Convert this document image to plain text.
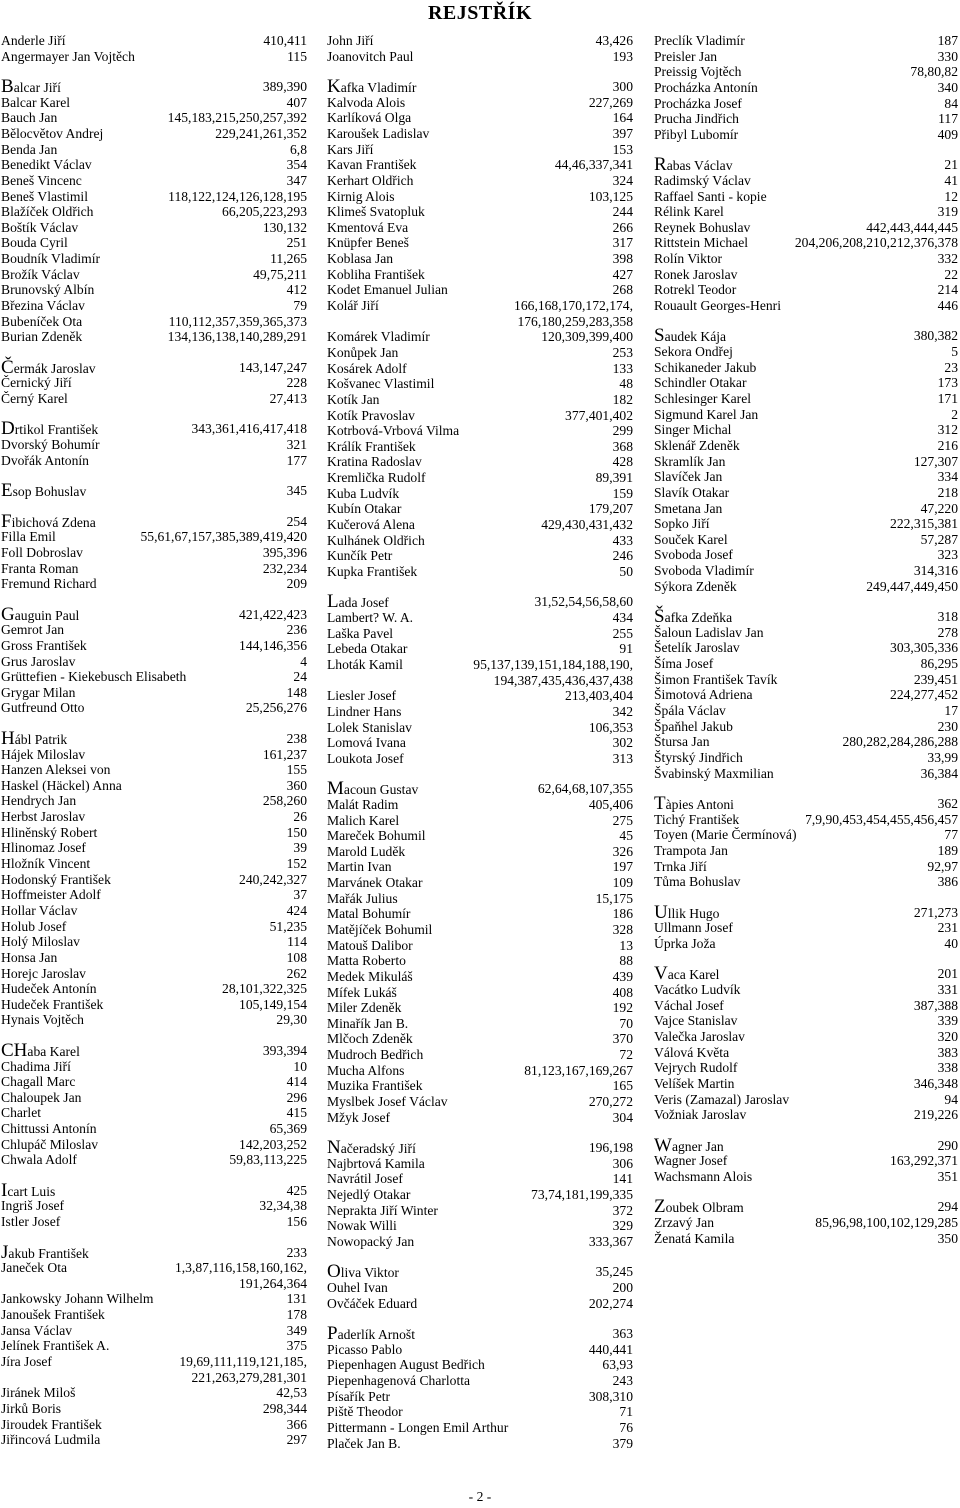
REJSTŘÍK
Anderle Jiří	410,411
Angermayer Jan Vojtěch	115
Balcar Jiří	389,390
Balcar Karel	407
Bauch Jan	145,183,215,250,257,392
Bělocvětov Andrej	229,241,261,352
Benda Jan	6,8
Benedikt Václav	354
Beneš Vincenc	347
Beneš Vlastimil	118,122,124,126,128,195
Blažíček Oldřich	66,205,223,293
Boštík Václav	130,132
Bouda Cyril	251
Boudník Vladimír	11,265
Brožík Václav	49,75,211
Brunovský Albín	412
Březina Václav	79
Bubeníček Ota	110,112,357,359,365,373
Burian Zdeněk	134,136,138,140,289,291
Čermák Jaroslav	143,147,247
Černický Jiří	228
Černý Karel	27,413
Drtikol František	343,361,416,417,418
Dvorský Bohumír	321
Dvořák Antonín	177
Esop Bohuslav	345
Fibichová Zdena	254
Filla Emil	55,61,67,157,385,389,419,420
Foll Dobroslav	395,396
Franta Roman	232,234
Fremund Richard	209
Gauguin Paul	421,422,423
Gemrot Jan	236
Gross František	144,146,356
Grus Jaroslav	4
Grüttefien - Kiekebusch Elisabeth	24
Grygar Milan	148
Gutfreund Otto	25,256,276
Hábl Patrik	238
Hájek Miloslav	161,237
Hanzen Aleksei von	155
Haskel (Häckel) Anna	360
Hendrych Jan	258,260
Herbst Jaroslav	26
Hliněnský Robert	150
Hlinomaz Josef	39
Hložník Vincent	152
Hodonský František	240,242,327
Hoffmeister Adolf	37
Hollar Václav	424
Holub Josef	51,235
Holý Miloslav	114
Honsa Jan	108
Horejc Jaroslav	262
Hudeček Antonín	28,101,322,325
Hudeček František	105,149,154
Hynais Vojtěch	29,30
CHaba Karel	393,394
Chadima Jiří	10
Chagall Marc	414
Chaloupek Jan	296
Charlet	415
Chittussi Antonín	65,369
Chlupáč Miloslav	142,203,252
Chwala Adolf	59,83,113,225
Icart Luis	425
Ingriš Josef	32,34,38
Istler Josef	156
Jakub František	233
Janeček Ota	1,3,87,116,158,160,162,
191,264,364
Jankowsky Johann Wilhelm	131
Janoušek František	178
Jansa Václav	349
Jelínek František A.	375
Jíra Josef	19,69,111,119,121,185,
221,263,279,281,301
Jiránek Miloš	42,53
Jirků Boris	298,344
Jiroudek František	366
Jiřincová Ludmila	297
John Jiří	43,426
Joanovitch Paul	193
Kafka Vladimír	300
Kalvoda Alois	227,269
Karlíková Olga	164
Karoušek Ladislav	397
Kars Jiří	153
Kavan František	44,46,337,341
Kerhart Oldřich	324
Kirnig Alois	103,125
Klimeš Svatopluk	244
Kmentová Eva	266
Knüpfer Beneš	317
Koblasa Jan	398
Kobliha František	427
Kodet Emanuel Julian	268
Kolář Jiří	166,168,170,172,174,
176,180,259,283,358
Komárek Vladimír	120,309,399,400
Konůpek Jan	253
Kosárek Adolf	133
Košvanec Vlastimil	48
Kotík Jan	182
Kotík Pravoslav	377,401,402
Kotrbová-Vrbová Vilma	299
Králík František	368
Kratina Radoslav	428
Kremlička Rudolf	89,391
Kuba Ludvík	159
Kubín Otakar	179,207
Kučerová Alena	429,430,431,432
Kulhánek Oldřich	433
Kunčík Petr	246
Kupka František	50
Lada Josef	31,52,54,56,58,60
Lambert? W. A.	434
Laška Pavel	255
Lebeda Otakar	91
Lhoták Kamil	95,137,139,151,184,188,190,
194,387,435,436,437,438
Liesler Josef	213,403,404
Lindner Hans	342
Lolek Stanislav	106,353
Lomová Ivana	302
Loukota Josef	313
Macoun Gustav	62,64,68,107,355
Malát Radim	405,406
Malich Karel	275
Mareček Bohumil	45
Marold Luděk	326
Martin Ivan	197
Marvánek Otakar	109
Mařák Julius	15,175
Matal Bohumír	186
Matějíček Bohumil	328
Matouš Dalibor	13
Matta Roberto	88
Medek Mikuláš	439
Mífek Lukáš	408
Miler Zdeněk	192
Minařík Jan B.	70
Mlčoch Zdeněk	370
Mudroch Bedřich	72
Mucha Alfons	81,123,167,169,267
Muzika František	165
Myslbek Josef Václav	270,272
Mžyk Josef	304
Načeradský Jiří	196,198
Najbrtová Kamila	306
Navrátil Josef	141
Nejedlý Otakar	73,74,181,199,335
Neprakta Jiří Winter	372
Nowak Willi	329
Nowopacký Jan	333,367
Oliva Viktor	35,245
Ouhel Ivan	200
Ovčáček Eduard	202,274
Paderlík Arnošt	363
Picasso Pablo	440,441
Piepenhagen August Bedřich	63,93
Piepenhagenová Charlotta	243
Písařík Petr	308,310
Piště Theodor	71
Pittermann - Longen Emil Arthur	76
Plaček Jan B.	379
Preclík Vladimír	187
Preisler Jan	330
Preissig Vojtěch	78,80,82
Procházka Antonín	340
Procházka Josef	84
Prucha Jindřich	117
Přibyl Lubomír	409
Rabas Václav	21
Radimský Václav	41
Raffael Santi - kopie	12
Rélink Karel	319
Reynek Bohuslav	442,443,444,445
Rittstein Michael	204,206,208,210,212,376,378
Rolín Viktor	332
Ronek Jaroslav	22
Rotrekl Teodor	214
Rouault Georges-Henri	446
Saudek Kája	380,382
Sekora Ondřej	5
Schikaneder Jakub	23
Schindler Otakar	173
Schlesinger Karel	171
Sigmund Karel Jan	2
Singer Michal	312
Sklenář Zdeněk	216
Skramlík Jan	127,307
Slavíček Jan	334
Slavík Otakar	218
Smetana Jan	47,220
Sopko Jiří	222,315,381
Souček Karel	57,287
Svoboda Josef	323
Svoboda Vladimír	314,316
Sýkora Zdeněk	249,447,449,450
Šafka Zdeňka	318
Šaloun Ladislav Jan	278
Šetelík Jaroslav	303,305,336
Šíma Josef	86,295
Šimon František Tavík	239,451
Šimotová Adriena	224,277,452
Špála Václav	17
Špaňhel Jakub	230
Štursa Jan	280,282,284,286,288
Štyrský Jindřich	33,99
Švabinský Maxmilian	36,384
Tàpies Antoni	362
Tichý František	7,9,90,453,454,455,456,457
Toyen (Marie Čermínová)	77
Trampota Jan	189
Trnka Jiří	92,97
Tůma Bohuslav	386
Ullik Hugo	271,273
Ullmann Josef	231
Úprka Joža	40
Vaca Karel	201
Vacátko Ludvík	331
Váchal Josef	387,388
Vajce Stanislav	339
Valečka Jaroslav	320
Válová Květa	383
Vejrych Rudolf	338
Velíšek Martin	346,348
Veris (Zamazal) Jaroslav	94
Vožniak Jaroslav	219,226
Wagner Jan	290
Wagner Josef	163,292,371
Wachsmann Alois	351
Zoubek Olbram	294
Zrzavý Jan	85,96,98,100,102,129,285
Ženatá Kamila	350
- 2 -
